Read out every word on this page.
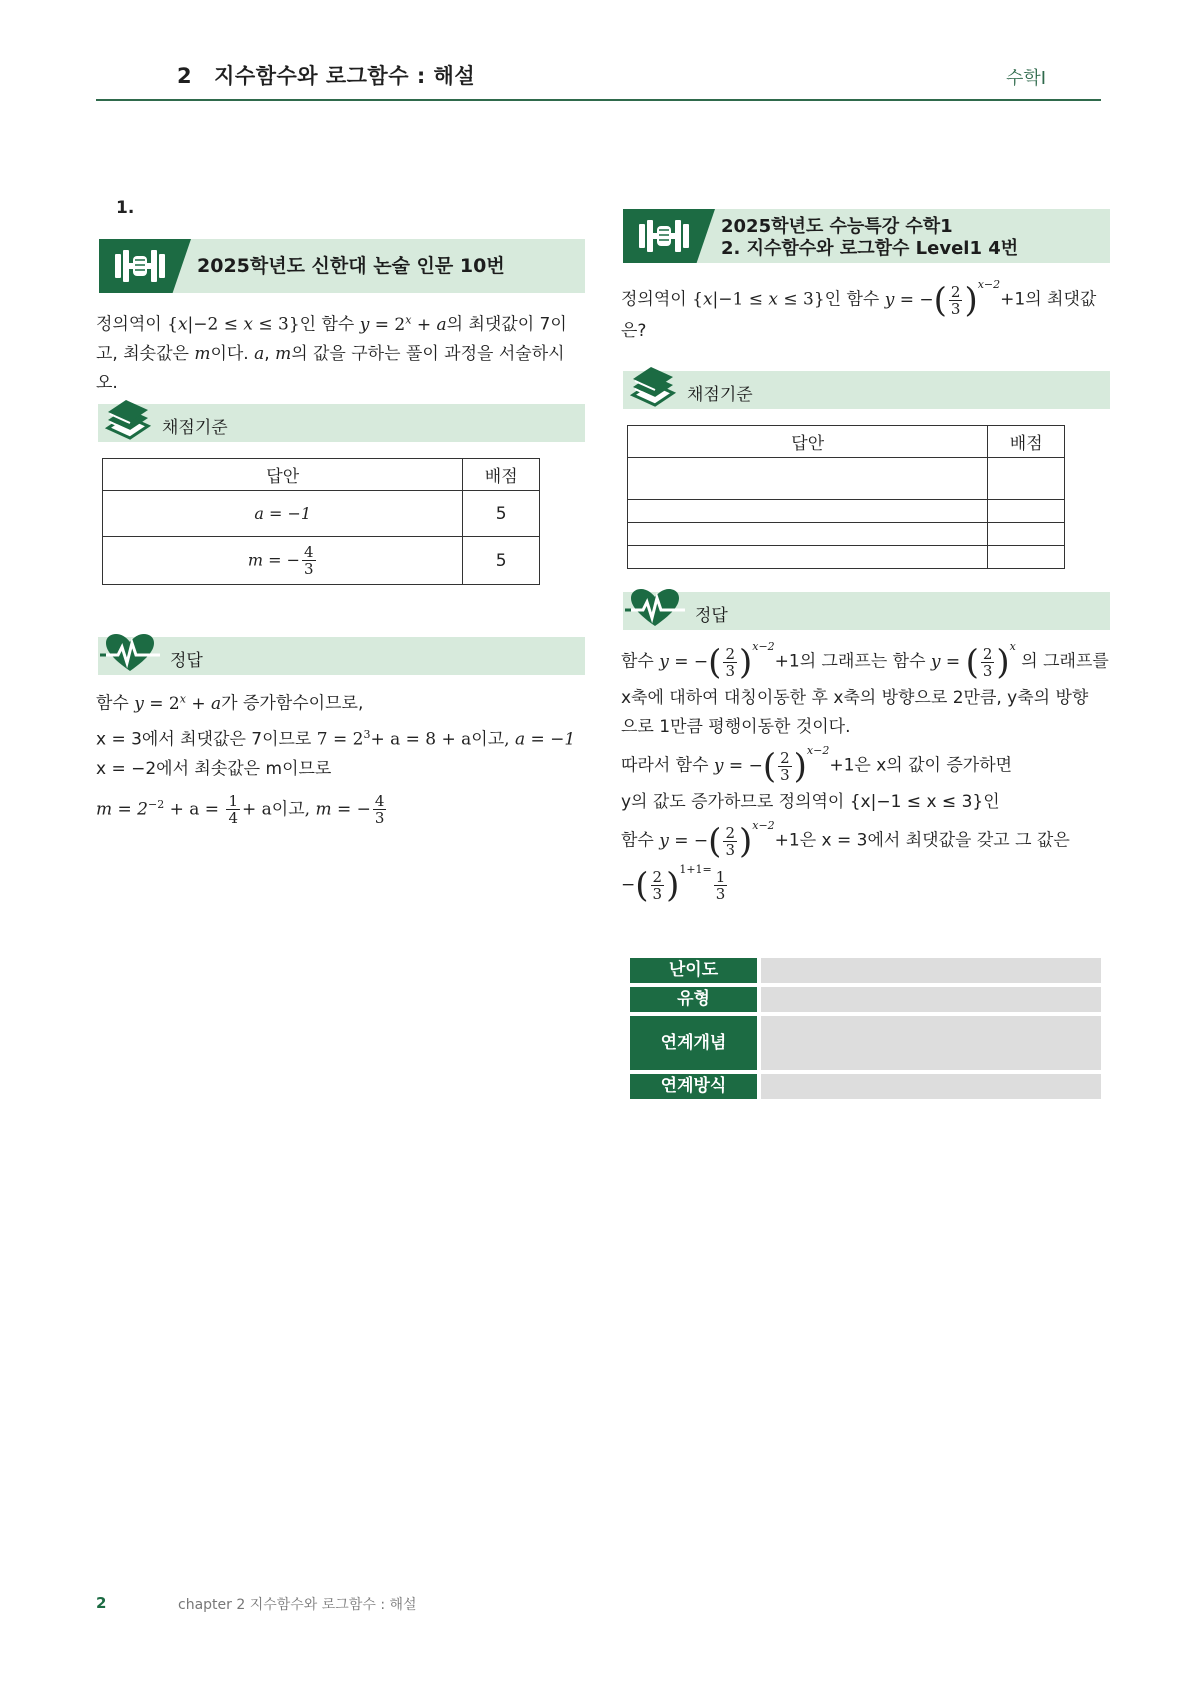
2 지수함수와 로그함수 : 해설	수학Ⅰ
1.
2025학년도 신한대 논술 인문 10번
정의역이 {x|−2 ≤ x ≤ 3}인 함수 $y = 2^x + a$의 최댓값이 7이
고, 최솟값은 m이다. a, m의 값을 구하는 풀이 과정을 서술하시
오.
채점기준
답안	배점
a = −1	5
m = − $\frac{4}{3}$	5
정답
함수 $y = 2^x + a$가 증가함수이므로,
x = 3에서 최댓값은 7이므로 $7 = 2^3+ a = 8 + a$이고, a = −1
x = −2에서 최솟값은 m이므로
$m = 2^{-2} + a = \frac{1}{4} + a$이고, m = − $\frac{4}{3}$
2025학년도 수능특강 수학1
2. 지수함수와 로그함수 Level1 4번
정의역이 {x|−1 ≤ x ≤ 3}인 함수 y = −( $\frac{2}{3} )^{x-2}+1$의 최댓값
은?
채점기준
답안	배점

정답
함수 y = −( $\frac{2}{3} )^{x-2}+1$의 그래프는 함수 y = ( $\frac{2}{3} )^x$ 의 그래프를
x축에 대하여 대칭이동한 후 x축의 방향으로 2만큼, y축의 방향
으로 1만큼 평행이동한 것이다.
따라서 함수 y = −( $\frac{2}{3} )^{x-2}+1$은 x의 값이 증가하면
y의 값도 증가하므로 정의역이 {x|−1 ≤ x ≤ 3}인
함수 y = −( $\frac{2}{3} )^{x-2}+1$은 x = 3에서 최댓값을 갖고 그 값은
−( $\frac{2}{3} )^{1+1=} \frac{1}{3}$
난이도
유형
연계개념
연계방식
2	chapter 2 지수함수와 로그함수 : 해설
